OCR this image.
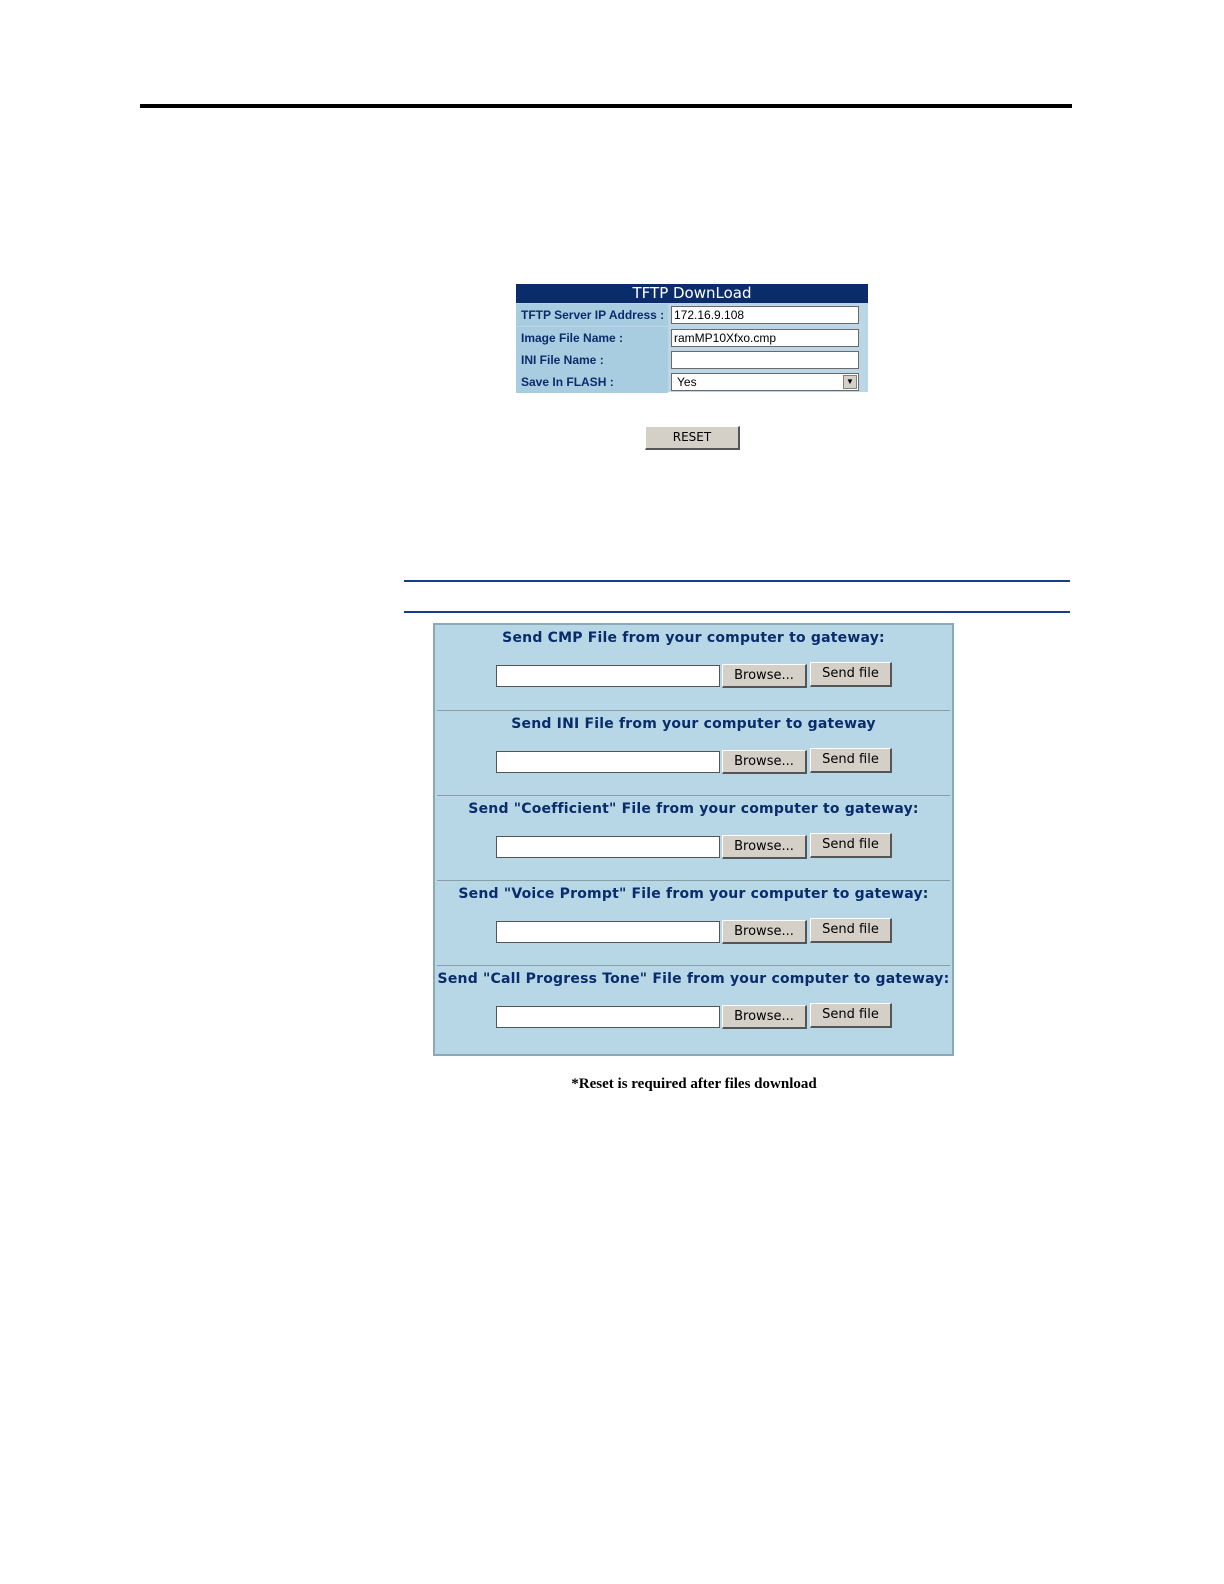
TFTP DownLoad
TFTP Server IP Address : 172.16.9.108
Image File Name :	ramMP10Xfxo.cmp
INI File Name :
Save In FLASH :	Yes	▼
RESET
Send CMP File from your computer to gateway:
Browse...	Send file
Send INI File from your computer to gateway
Browse...	Send file
Send "Coefficient" File from your computer to gateway:
Browse...	Send file
Send "Voice Prompt" File from your computer to gateway:
Browse...	Send file
Send "Call Progress Tone" File from your computer to gateway:
Browse...	Send file
*Reset is required after files download
